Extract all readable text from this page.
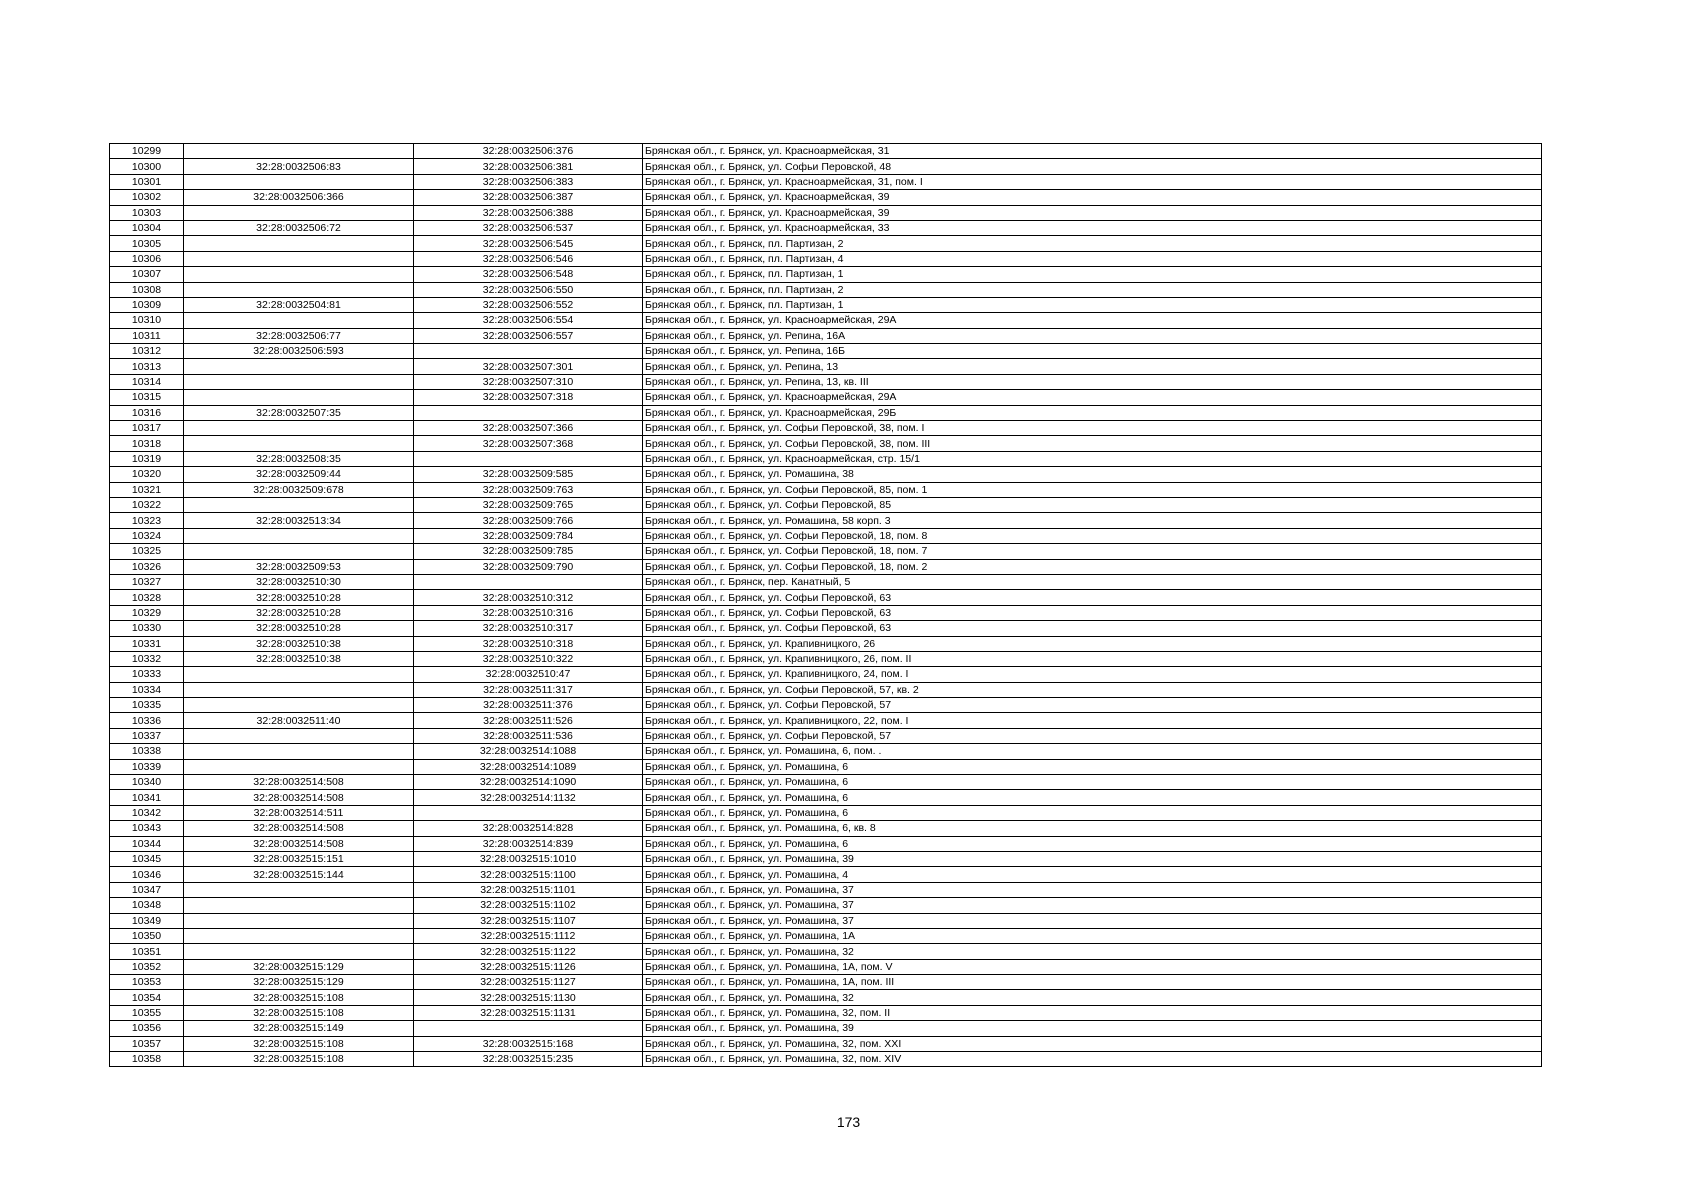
10299		32:28:0032506:376	Брянская обл., г. Брянск, ул. Красноармейская, 31
10300	32:28:0032506:83	32:28:0032506:381	Брянская обл., г. Брянск, ул. Софьи Перовской, 48
10301		32:28:0032506:383	Брянская обл., г. Брянск, ул. Красноармейская, 31, пом. I
10302	32:28:0032506:366	32:28:0032506:387	Брянская обл., г. Брянск, ул. Красноармейская, 39
10303		32:28:0032506:388	Брянская обл., г. Брянск, ул. Красноармейская, 39
10304	32:28:0032506:72	32:28:0032506:537	Брянская обл., г. Брянск, ул. Красноармейская, 33
10305		32:28:0032506:545	Брянская обл., г. Брянск, пл. Партизан, 2
10306		32:28:0032506:546	Брянская обл., г. Брянск, пл. Партизан, 4
10307		32:28:0032506:548	Брянская обл., г. Брянск, пл. Партизан, 1
10308		32:28:0032506:550	Брянская обл., г. Брянск, пл. Партизан, 2
10309	32:28:0032504:81	32:28:0032506:552	Брянская обл., г. Брянск, пл. Партизан, 1
10310		32:28:0032506:554	Брянская обл., г. Брянск, ул. Красноармейская, 29А
10311	32:28:0032506:77	32:28:0032506:557	Брянская обл., г. Брянск, ул. Репина, 16А
10312	32:28:0032506:593		Брянская обл., г. Брянск, ул. Репина, 16Б
10313		32:28:0032507:301	Брянская обл., г. Брянск, ул. Репина, 13
10314		32:28:0032507:310	Брянская обл., г. Брянск, ул. Репина, 13, кв. III
10315		32:28:0032507:318	Брянская обл., г. Брянск, ул. Красноармейская, 29А
10316	32:28:0032507:35		Брянская обл., г. Брянск, ул. Красноармейская, 29Б
10317		32:28:0032507:366	Брянская обл., г. Брянск, ул. Софьи Перовской, 38, пом. I
10318		32:28:0032507:368	Брянская обл., г. Брянск, ул. Софьи Перовской, 38, пом. III
10319	32:28:0032508:35		Брянская обл., г. Брянск, ул. Красноармейская, стр. 15/1
10320	32:28:0032509:44	32:28:0032509:585	Брянская обл., г. Брянск, ул. Ромашина, 38
10321	32:28:0032509:678	32:28:0032509:763	Брянская обл., г. Брянск, ул. Софьи Перовской, 85, пом. 1
10322		32:28:0032509:765	Брянская обл., г. Брянск, ул. Софьи Перовской, 85
10323	32:28:0032513:34	32:28:0032509:766	Брянская обл., г. Брянск, ул. Ромашина, 58 корп. 3
10324		32:28:0032509:784	Брянская обл., г. Брянск, ул. Софьи Перовской, 18, пом. 8
10325		32:28:0032509:785	Брянская обл., г. Брянск, ул. Софьи Перовской, 18, пом. 7
10326	32:28:0032509:53	32:28:0032509:790	Брянская обл., г. Брянск, ул. Софьи Перовской, 18, пом. 2
10327	32:28:0032510:30		Брянская обл., г. Брянск, пер. Канатный, 5
10328	32:28:0032510:28	32:28:0032510:312	Брянская обл., г. Брянск, ул. Софьи Перовской, 63
10329	32:28:0032510:28	32:28:0032510:316	Брянская обл., г. Брянск, ул. Софьи Перовской, 63
10330	32:28:0032510:28	32:28:0032510:317	Брянская обл., г. Брянск, ул. Софьи Перовской, 63
10331	32:28:0032510:38	32:28:0032510:318	Брянская обл., г. Брянск, ул. Крапивницкого, 26
10332	32:28:0032510:38	32:28:0032510:322	Брянская обл., г. Брянск, ул. Крапивницкого, 26, пом. II
10333		32:28:0032510:47	Брянская обл., г. Брянск, ул. Крапивницкого, 24, пом. I
10334		32:28:0032511:317	Брянская обл., г. Брянск, ул. Софьи Перовской, 57, кв. 2
10335		32:28:0032511:376	Брянская обл., г. Брянск, ул. Софьи Перовской, 57
10336	32:28:0032511:40	32:28:0032511:526	Брянская обл., г. Брянск, ул. Крапивницкого, 22, пом. I
10337		32:28:0032511:536	Брянская обл., г. Брянск, ул. Софьи Перовской, 57
10338		32:28:0032514:1088	Брянская обл., г. Брянск, ул. Ромашина, 6, пом. .
10339		32:28:0032514:1089	Брянская обл., г. Брянск, ул. Ромашина, 6
10340	32:28:0032514:508	32:28:0032514:1090	Брянская обл., г. Брянск, ул. Ромашина, 6
10341	32:28:0032514:508	32:28:0032514:1132	Брянская обл., г. Брянск, ул. Ромашина, 6
10342	32:28:0032514:511		Брянская обл., г. Брянск, ул. Ромашина, 6
10343	32:28:0032514:508	32:28:0032514:828	Брянская обл., г. Брянск, ул. Ромашина, 6, кв. 8
10344	32:28:0032514:508	32:28:0032514:839	Брянская обл., г. Брянск, ул. Ромашина, 6
10345	32:28:0032515:151	32:28:0032515:1010	Брянская обл., г. Брянск, ул. Ромашина, 39
10346	32:28:0032515:144	32:28:0032515:1100	Брянская обл., г. Брянск, ул. Ромашина, 4
10347		32:28:0032515:1101	Брянская обл., г. Брянск, ул. Ромашина, 37
10348		32:28:0032515:1102	Брянская обл., г. Брянск, ул. Ромашина, 37
10349		32:28:0032515:1107	Брянская обл., г. Брянск, ул. Ромашина, 37
10350		32:28:0032515:1112	Брянская обл., г. Брянск, ул. Ромашина, 1А
10351		32:28:0032515:1122	Брянская обл., г. Брянск, ул. Ромашина, 32
10352	32:28:0032515:129	32:28:0032515:1126	Брянская обл., г. Брянск, ул. Ромашина, 1А, пом. V
10353	32:28:0032515:129	32:28:0032515:1127	Брянская обл., г. Брянск, ул. Ромашина, 1А, пом. III
10354	32:28:0032515:108	32:28:0032515:1130	Брянская обл., г. Брянск, ул. Ромашина, 32
10355	32:28:0032515:108	32:28:0032515:1131	Брянская обл., г. Брянск, ул. Ромашина, 32, пом. II
10356	32:28:0032515:149		Брянская обл., г. Брянск, ул. Ромашина, 39
10357	32:28:0032515:108	32:28:0032515:168	Брянская обл., г. Брянск, ул. Ромашина, 32, пом. XXI
10358	32:28:0032515:108	32:28:0032515:235	Брянская обл., г. Брянск, ул. Ромашина, 32, пом. XIV
173
